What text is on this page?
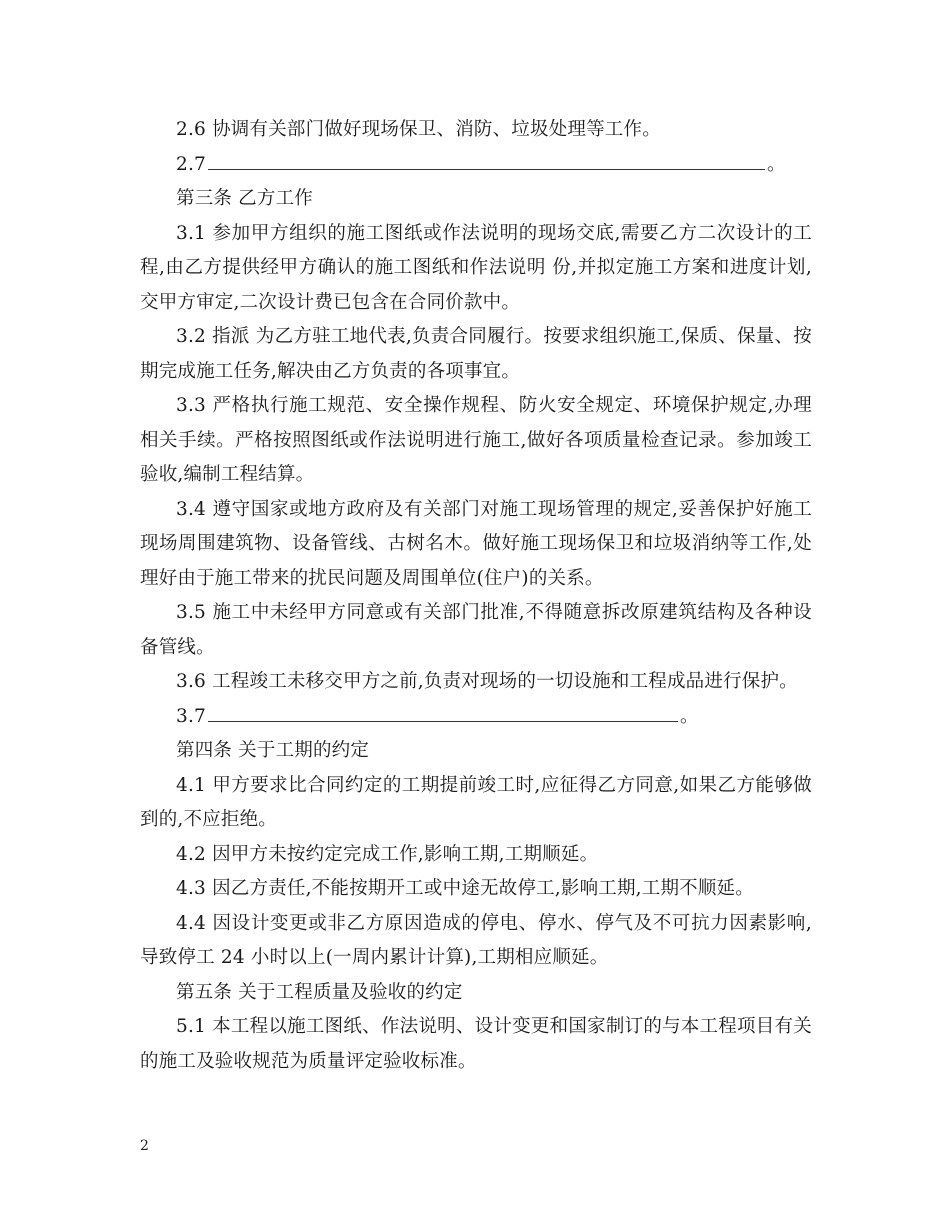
2.6 协调有关部门做好现场保卫、消防、垃圾处理等工作。

2.7	。

第三条 乙方工作

3.1 参加甲方组织的施工图纸或作法说明的现场交底,需要乙方二次设计的工程,由乙方提供经甲方确认的施工图纸和作法说明 份,并拟定施工方案和进度计划,交甲方审定,二次设计费已包含在合同价款中。

3.2 指派 为乙方驻工地代表,负责合同履行。按要求组织施工,保质、保量、按期完成施工任务,解决由乙方负责的各项事宜。

3.3 严格执行施工规范、安全操作规程、防火安全规定、环境保护规定,办理相关手续。严格按照图纸或作法说明进行施工,做好各项质量检查记录。参加竣工验收,编制工程结算。

3.4 遵守国家或地方政府及有关部门对施工现场管理的规定,妥善保护好施工现场周围建筑物、设备管线、古树名木。做好施工现场保卫和垃圾消纳等工作,处理好由于施工带来的扰民问题及周围单位(住户)的关系。

3.5 施工中未经甲方同意或有关部门批准,不得随意拆改原建筑结构及各种设备管线。

3.6 工程竣工未移交甲方之前,负责对现场的一切设施和工程成品进行保护。

3.7	。

第四条 关于工期的约定

4.1 甲方要求比合同约定的工期提前竣工时,应征得乙方同意,如果乙方能够做到的,不应拒绝。

4.2 因甲方未按约定完成工作,影响工期,工期顺延。

4.3 因乙方责任,不能按期开工或中途无故停工,影响工期,工期不顺延。

4.4 因设计变更或非乙方原因造成的停电、停水、停气及不可抗力因素影响,导致停工 24 小时以上(一周内累计计算),工期相应顺延。

第五条 关于工程质量及验收的约定

5.1 本工程以施工图纸、作法说明、设计变更和国家制订的与本工程项目有关的施工及验收规范为质量评定验收标准。

2
